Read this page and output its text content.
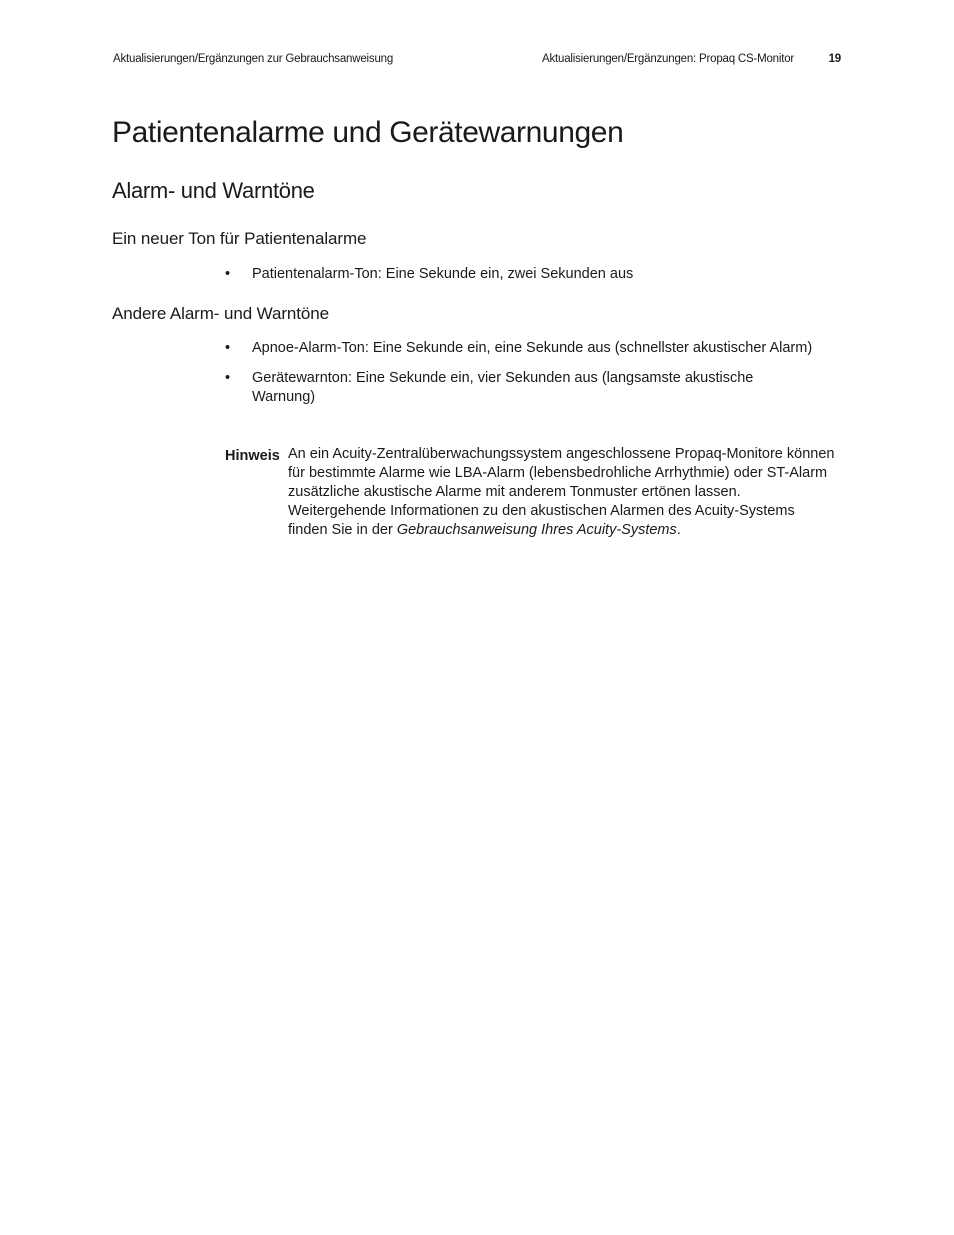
Aktualisierungen/Ergänzungen zur Gebrauchsanweisung	Aktualisierungen/Ergänzungen: Propaq CS-Monitor	19
Patientenalarme und Gerätewarnungen
Alarm- und Warntöne
Ein neuer Ton für Patientenalarme
• Patientenalarm-Ton: Eine Sekunde ein, zwei Sekunden aus
Andere Alarm- und Warntöne
• Apnoe-Alarm-Ton: Eine Sekunde ein, eine Sekunde aus (schnellster akustischer Alarm)
• Gerätewarnton: Eine Sekunde ein, vier Sekunden aus (langsamste akustische Warnung)
Hinweis An ein Acuity-Zentralüberwachungssystem angeschlossene Propaq-Monitore können für bestimmte Alarme wie LBA-Alarm (lebensbedrohliche Arrhythmie) oder ST-Alarm zusätzliche akustische Alarme mit anderem Tonmuster ertönen lassen. Weitergehende Informationen zu den akustischen Alarmen des Acuity-Systems finden Sie in der Gebrauchsanweisung Ihres Acuity-Systems.
